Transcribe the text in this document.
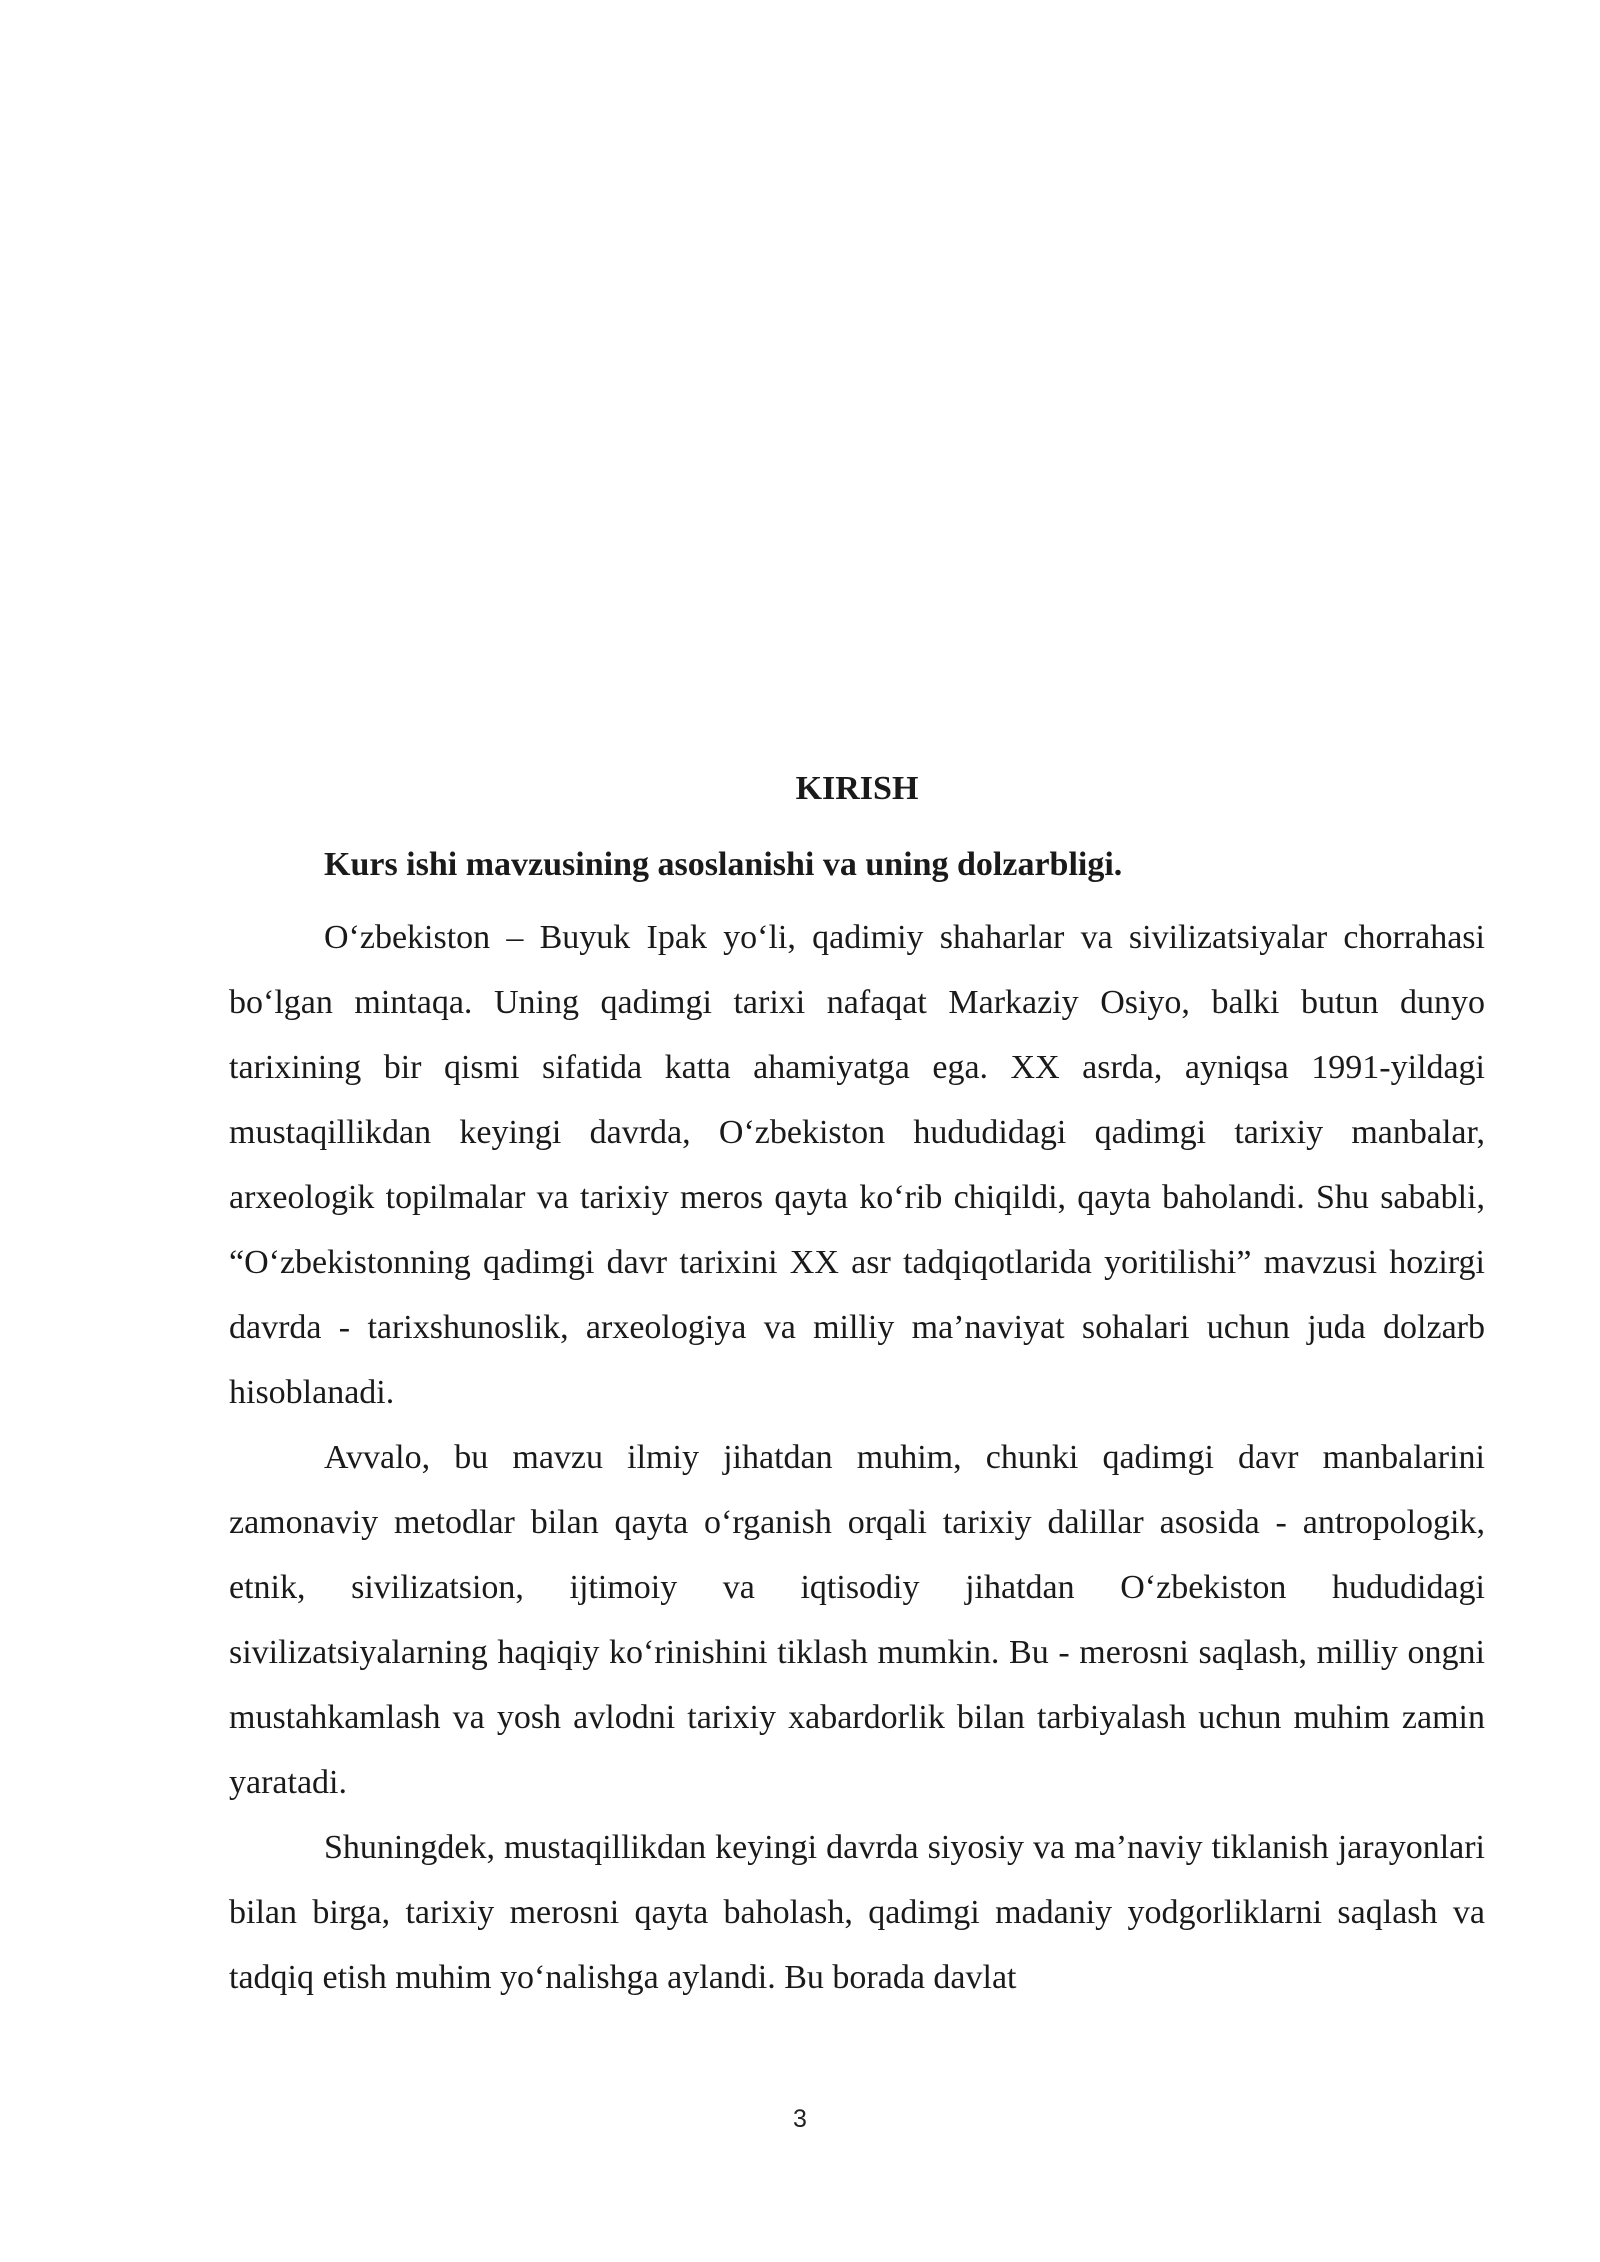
KIRISH
Kurs ishi mavzusining asoslanishi va uning dolzarbligi.

O‘zbekiston – Buyuk Ipak yo‘li, qadimiy shaharlar va sivilizatsiyalar chorrahasi bo‘lgan mintaqa. Uning qadimgi tarixi nafaqat Markaziy Osiyo, balki butun dunyo tarixining bir qismi sifatida katta ahamiyatga ega. XX asrda, ayniqsa 1991-yildagi mustaqillikdan keyingi davrda, O‘zbekiston hududidagi qadimgi tarixiy manbalar, arxeologik topilmalar va tarixiy meros qayta ko‘rib chiqildi, qayta baholandi. Shu sababli, “O‘zbekistonning qadimgi davr tarixini XX asr tadqiqotlarida yoritilishi” mavzusi hozirgi davrda - tarixshunoslik, arxeologiya va milliy ma’naviyat sohalari uchun juda dolzarb hisoblanadi.

Avvalo, bu mavzu ilmiy jihatdan muhim, chunki qadimgi davr manbalarini zamonaviy metodlar bilan qayta o‘rganish orqali tarixiy dalillar asosida - antropologik, etnik, sivilizatsion, ijtimoiy va iqtisodiy jihatdan O‘zbekiston hududidagi sivilizatsiyalarning haqiqiy ko‘rinishini tiklash mumkin. Bu - merosni saqlash, milliy ongni mustahkamlash va yosh avlodni tarixiy xabardorlik bilan tarbiyalash uchun muhim zamin yaratadi.

Shuningdek, mustaqillikdan keyingi davrda siyosiy va ma’naviy tiklanish jarayonlari bilan birga, tarixiy merosni qayta baholash, qadimgi madaniy yodgorliklarni saqlash va tadqiq etish muhim yo‘nalishga aylandi. Bu borada davlat

3
